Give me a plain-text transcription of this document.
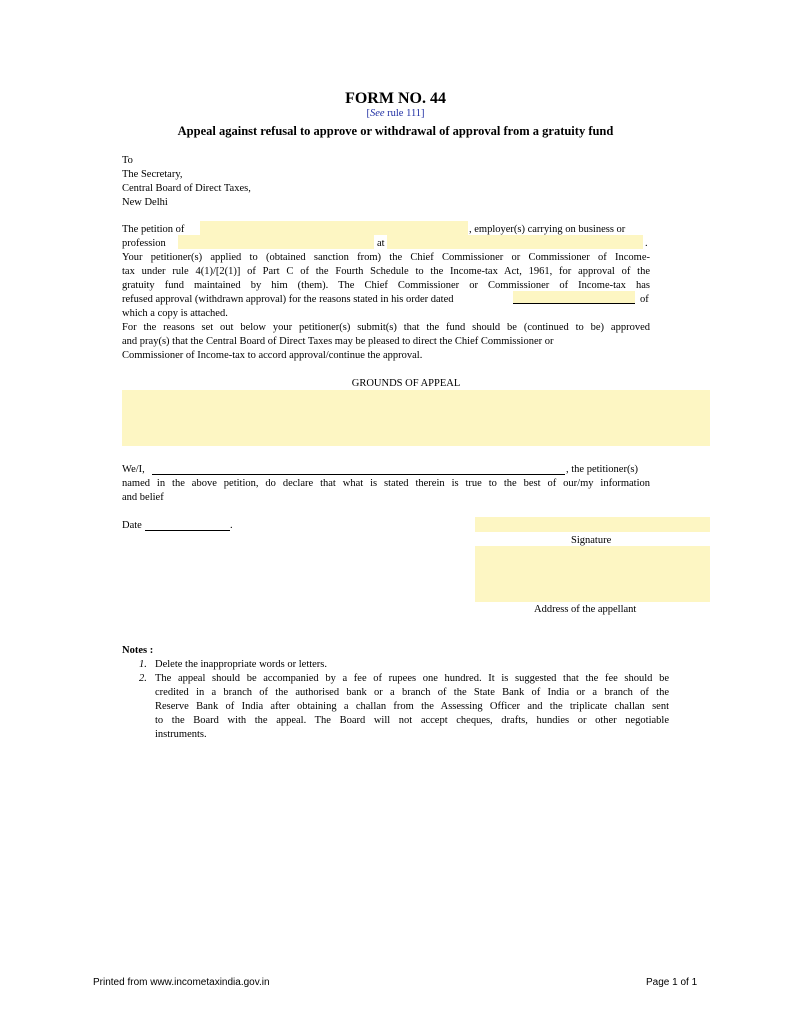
FORM NO. 44
[See rule 111]
Appeal against refusal to approve or withdrawal of approval from a gratuity fund
To
The Secretary,
Central Board of Direct Taxes,
New Delhi
The petition of	, employer(s) carrying on business or
profession	at	.
Your petitioner(s) applied to (obtained sanction from) the Chief Commissioner or Commissioner of Income-
tax under rule 4(1)/[2(1)] of Part C of the Fourth Schedule to the Income-tax Act, 1961, for approval of the
gratuity fund maintained by him (them). The Chief Commissioner or Commissioner of Income-tax has
refused approval (withdrawn approval) for the reasons stated in his order dated	of
which a copy is attached.
For the reasons set out below your petitioner(s) submit(s) that the fund should be (continued to be) approved
and pray(s) that the Central Board of Direct Taxes may be pleased to direct the Chief Commissioner or
Commissioner of Income-tax to accord approval/continue the approval.
GROUNDS OF APPEAL
We/I,	, the petitioner(s)
named in the above petition, do declare that what is stated therein is true to the best of our/my information
and belief
Date	.
Signature
Address of the appellant
Notes :
1. Delete the inappropriate words or letters.
2. The appeal should be accompanied by a fee of rupees one hundred. It is suggested that the fee should be
credited in a branch of the authorised bank or a branch of the State Bank of India or a branch of the
Reserve Bank of India after obtaining a challan from the Assessing Officer and the triplicate challan sent
to the Board with the appeal. The Board will not accept cheques, drafts, hundies or other negotiable
instruments.
Printed from www.incometaxindia.gov.in	Page 1 of 1
